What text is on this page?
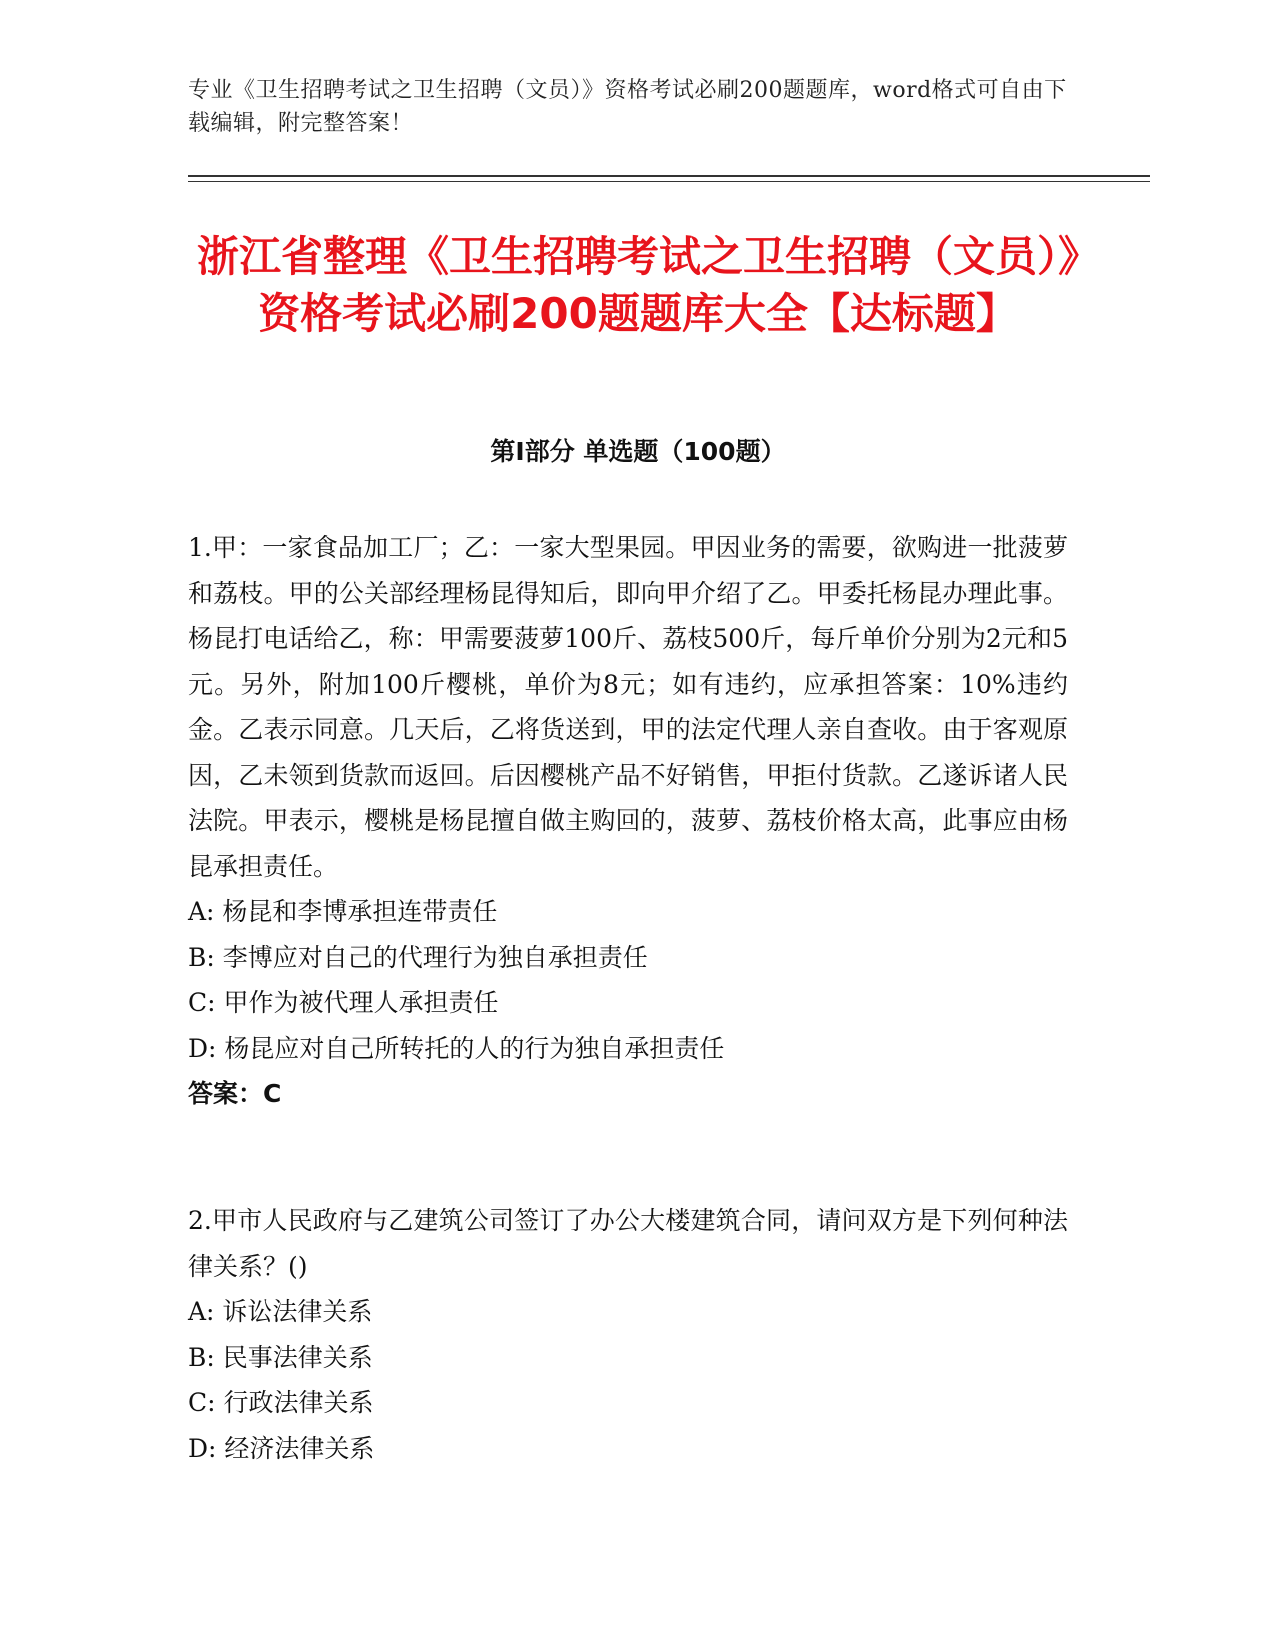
专业《卫生招聘考试之卫生招聘（文员）》资格考试必刷200题题库，word格式可自由下载编辑，附完整答案！
浙江省整理《卫生招聘考试之卫生招聘（文员）》资格考试必刷200题题库大全【达标题】
第Ⅰ部分 单选题（100题）

1.甲：一家食品加工厂；乙：一家大型果园。甲因业务的需要，欲购进一批菠萝和荔枝。甲的公关部经理杨昆得知后，即向甲介绍了乙。甲委托杨昆办理此事。杨昆打电话给乙，称：甲需要菠萝100斤、荔枝500斤，每斤单价分别为2元和5元。另外，附加100斤樱桃，单价为8元；如有违约，应承担答案：10%违约金。乙表示同意。几天后，乙将货送到，甲的法定代理人亲自查收。由于客观原因，乙未领到货款而返回。后因樱桃产品不好销售，甲拒付货款。乙遂诉诸人民法院。甲表示，樱桃是杨昆擅自做主购回的，菠萝、荔枝价格太高，此事应由杨昆承担责任。

A: 杨昆和李博承担连带责任

B: 李博应对自己的代理行为独自承担责任

C: 甲作为被代理人承担责任

D: 杨昆应对自己所转托的人的行为独自承担责任

答案：C

2.甲市人民政府与乙建筑公司签订了办公大楼建筑合同，请问双方是下列何种法律关系？()

A: 诉讼法律关系

B: 民事法律关系

C: 行政法律关系

D: 经济法律关系
